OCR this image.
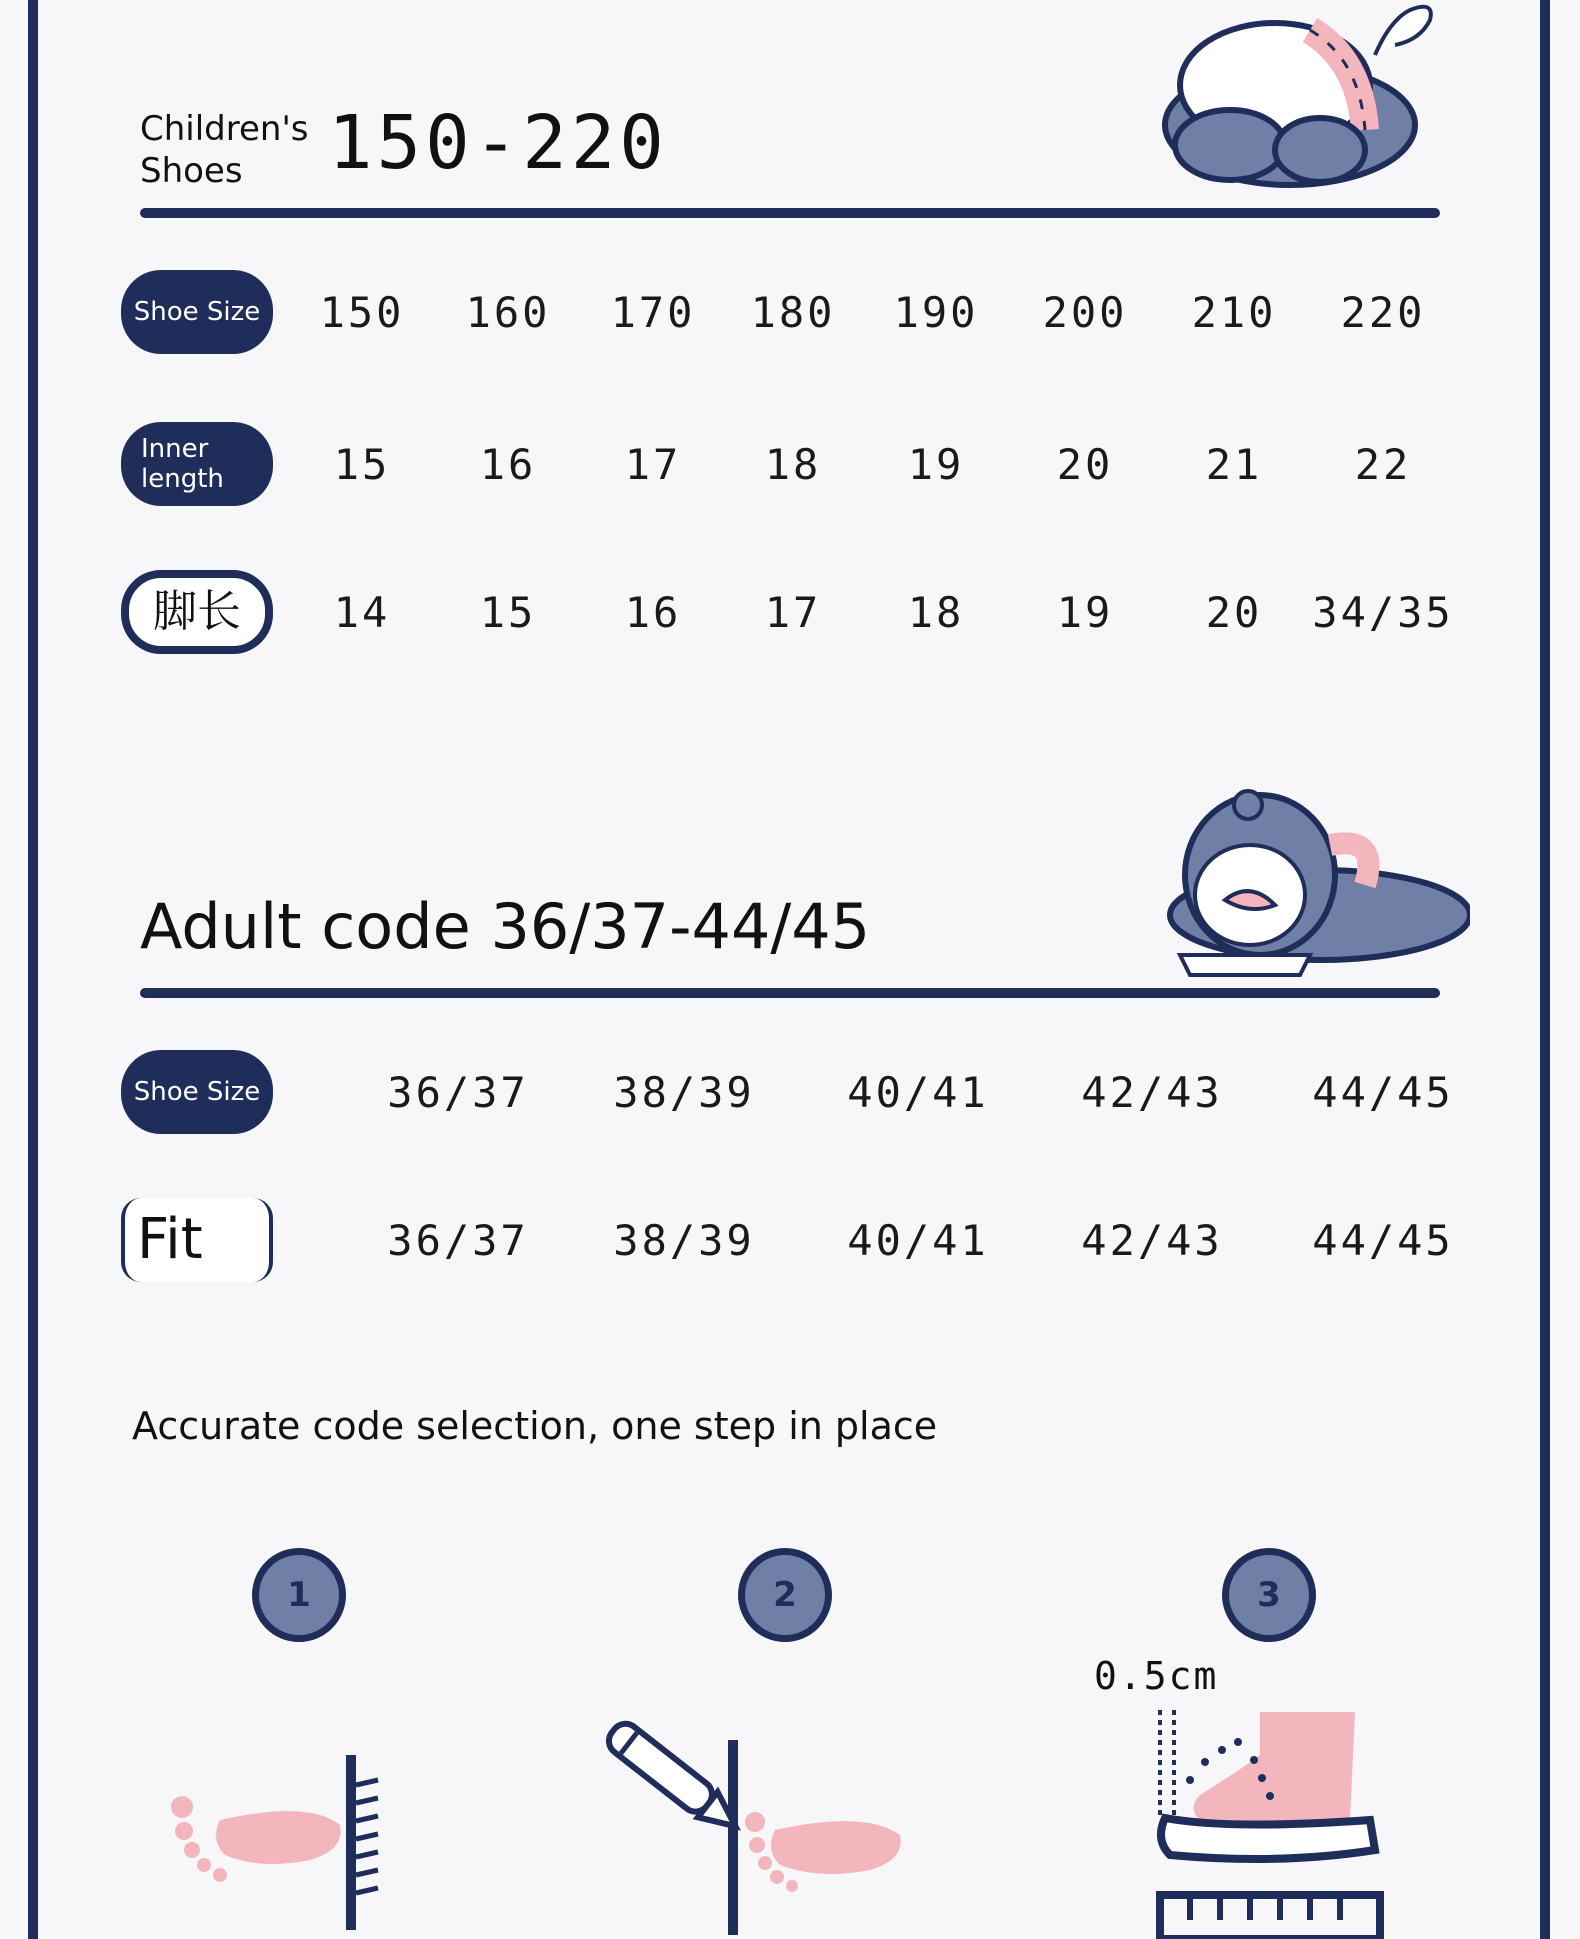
Children's Shoes	150-220
Shoe Size	150 160 170 180 190 200 210 220
Inner length	15 16 17 18 19 20 21 22
脚长	14 15 16 17 18 19 20 34/35
Adult code 36/37-44/45
Shoe Size	36/37 38/39 40/41 42/43 44/45
Fit	36/37 38/39 40/41 42/43 44/45
Accurate code selection, one step in place
1	2	3
0.5cm
